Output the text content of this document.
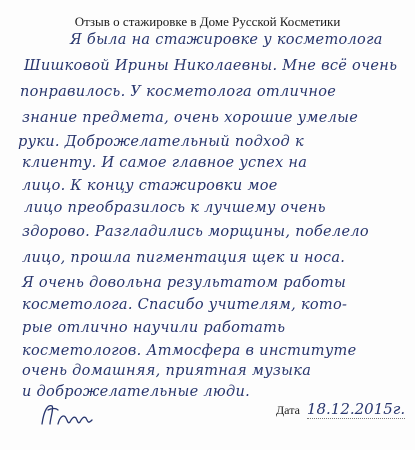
Отзыв о стажировке в Доме Русской Косметики
Я была на стажировке у косметолога
Шишковой Ирины Николаевны. Мне всё очень
понравилось. У косметолога отличное
знание предмета, очень хорошие умелые
руки. Доброжелательный подход к
клиенту. И самое главное успех на
лицо. К концу стажировки мое
лицо преобразилось к лучшему очень
здорово. Разгладились морщины, побелело
лицо, прошла пигментация щек и носа.
Я очень довольна результатом работы
косметолога. Спасибо учителям, кото-
рые отлично научили работать
косметологов. Атмосфера в институте
очень домашняя, приятная музыка
и доброжелательные люди.
Дата 18.12.2015г.
